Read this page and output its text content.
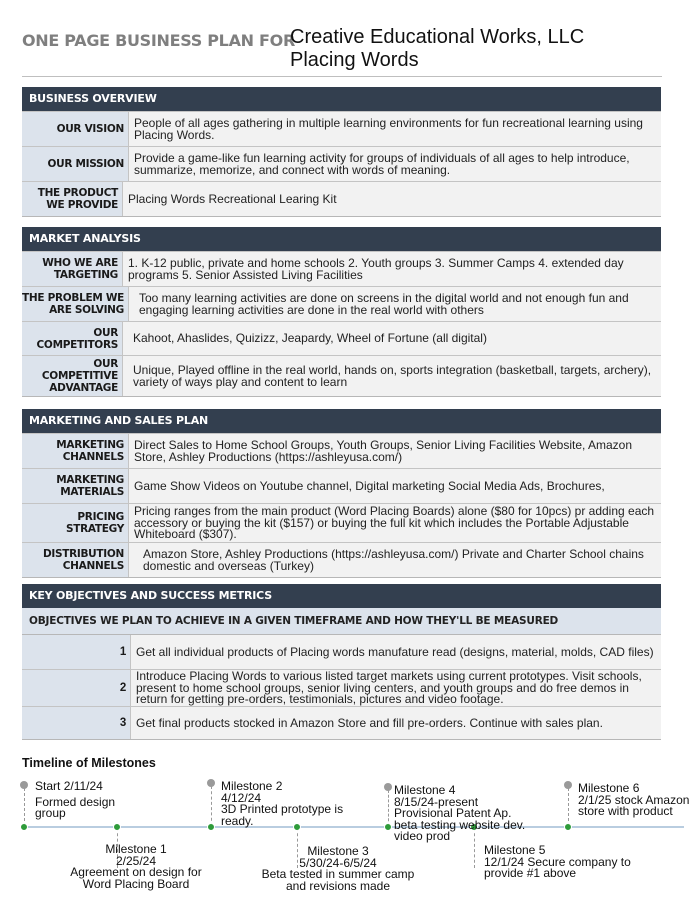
ONE PAGE BUSINESS PLAN FOR
Creative Educational Works, LLC
Placing Words
BUSINESS OVERVIEW
OUR VISION People of all ages gathering in multiple learning environments for fun recreational learning using Placing Words.
OUR MISSION Provide a game-like fun learning activity for groups of individuals of all ages to help introduce, summarize, memorize, and connect with words of meaning.
THE PRODUCT WE PROVIDE Placing Words Recreational Learing Kit
MARKET ANALYSIS
WHO WE ARE TARGETING
1. K-12 public, private and home schools 2. Youth groups 3. Summer Camps 4. extended day programs 5. Senior Assisted Living Facilities
THE PROBLEM WE ARE SOLVING
Too many learning activities are done on screens in the digital world and not enough fun and engaging learning activities are done in the real world with others
OUR COMPETITORS	Kahoot, Ahaslides, Quizizz, Jeapardy, Wheel of Fortune (all digital)
OUR COMPETITIVE ADVANTAGE
Unique, Played offline in the real world, hands on, sports integration (basketball, targets, archery), variety of ways play and content to learn
MARKETING AND SALES PLAN
MARKETING CHANNELS
Direct Sales to Home School Groups, Youth Groups, Senior Living Facilities Website, Amazon Store, Ashley Productions (https://ashleyusa.com/)
MARKETING MATERIALS Game Show Videos on Youtube channel, Digital marketing Social Media Ads, Brochures,
PRICING STRATEGY
Pricing ranges from the main product (Word Placing Boards) alone ($80 for 10pcs) pr adding each accessory or buying the kit ($157) or buying the full kit which includes the Portable Adjustable Whiteboard ($307).
DISTRIBUTION CHANNELS
Amazon Store, Ashley Productions (https://ashleyusa.com/) Private and Charter School chains domestic and overseas (Turkey)
KEY OBJECTIVES AND SUCCESS METRICS
OBJECTIVES WE PLAN TO ACHIEVE IN A GIVEN TIMEFRAME AND HOW THEY'LL BE MEASURED
1 Get all individual products of Placing words manufature read (designs, material, molds, CAD files)
2
Introduce Placing Words to various listed target markets using current prototypes. Visit schools, present to home school groups, senior living centers, and youth groups and do free demos in return for getting pre-orders, testimonials, pictures and video footage.
3 Get final products stocked in Amazon Store and fill pre-orders. Continue with sales plan.
Timeline of Milestones
Start 2/11/24
Formed design group
Milestone 1
2/25/24
Agreement on design for Word Placing Board
Milestone 2
4/12/24
3D Printed prototype is ready.
Milestone 3
5/30/24-6/5/24
Beta tested in summer camp and revisions made
Milestone 4
8/15/24-present
Provisional Patent Ap. beta testing website dev. video prod
Milestone 5
12/1/24 Secure company to provide #1 above
Milestone 6
2/1/25 stock Amazon store with product
